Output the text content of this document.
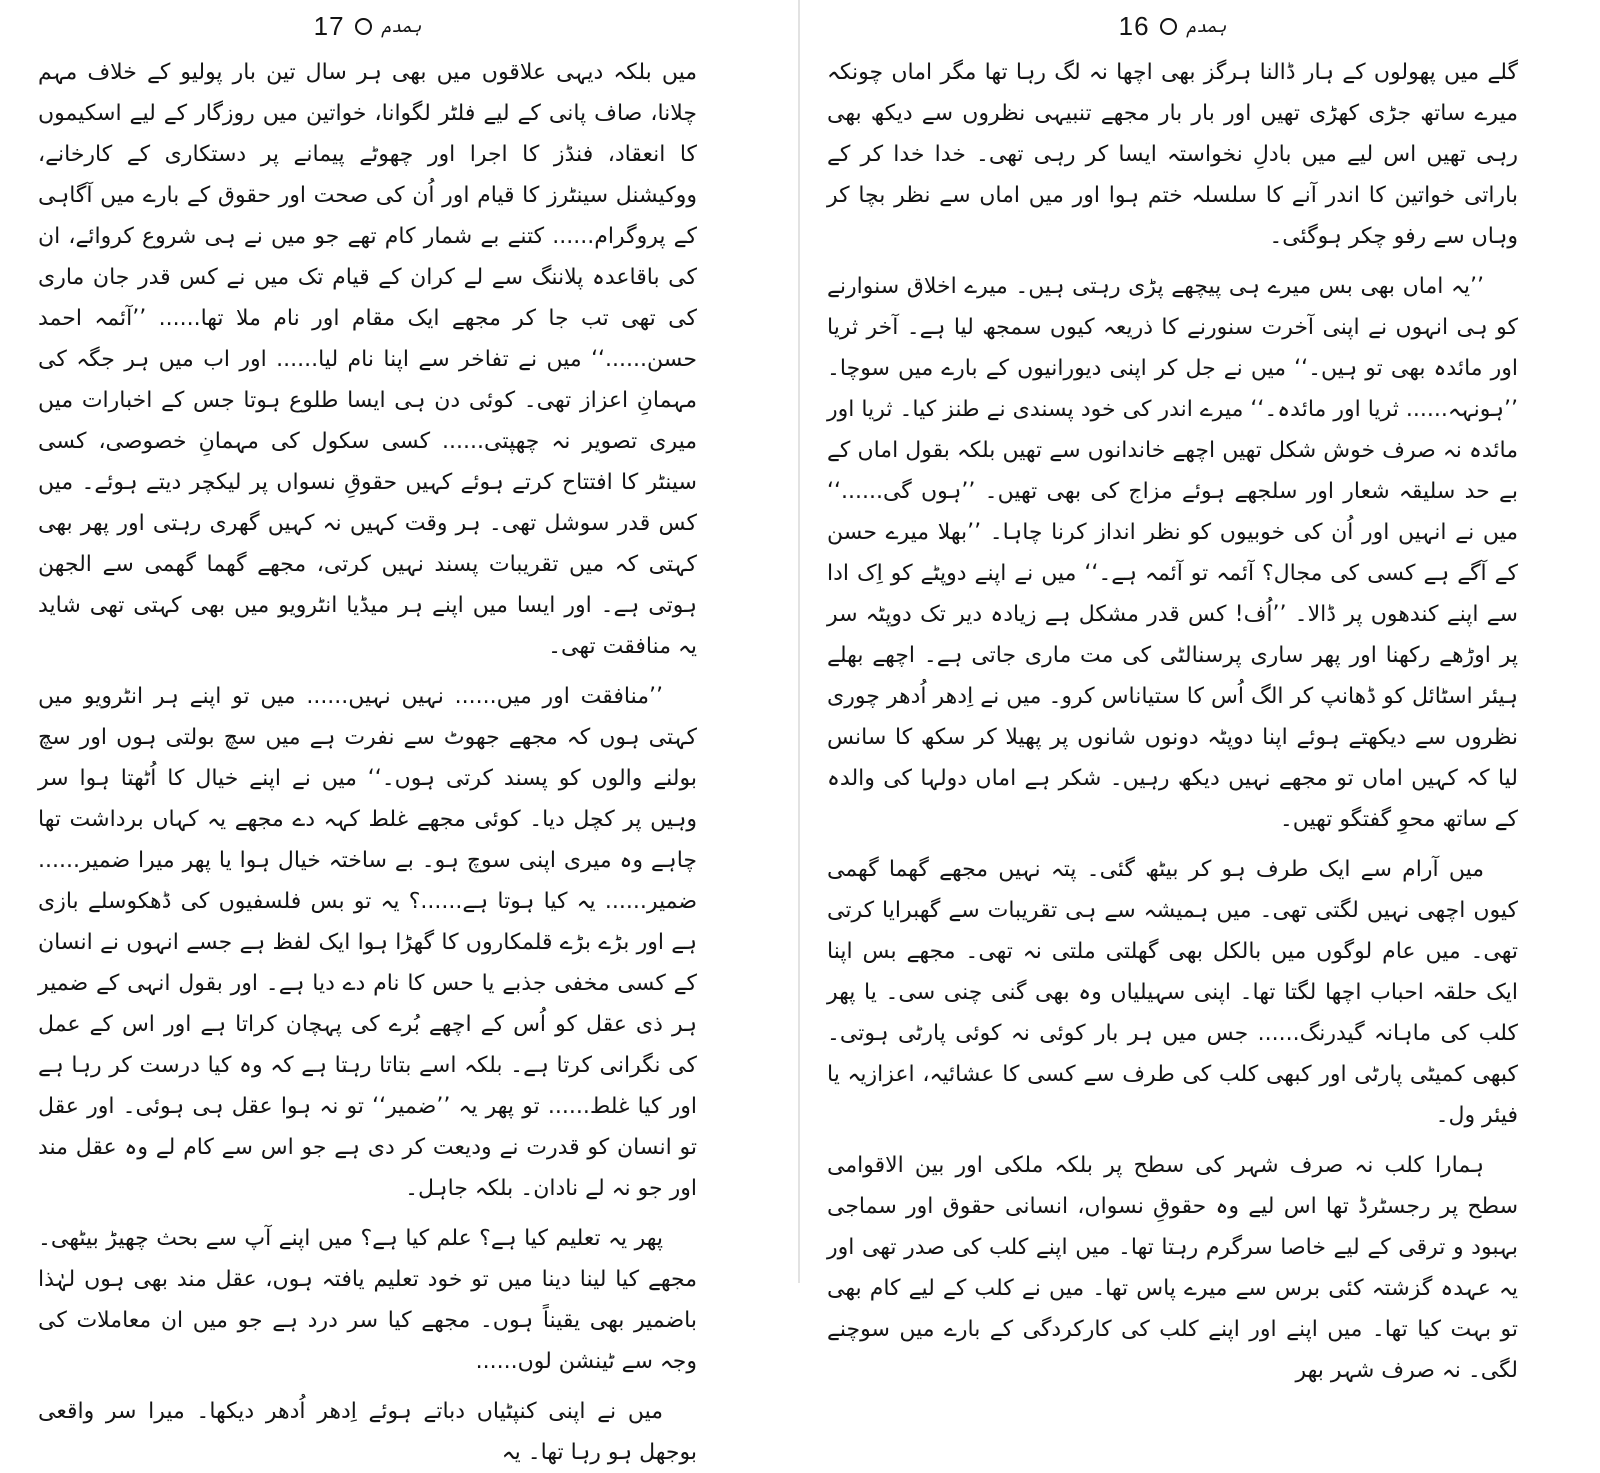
17 ہمدم

میں بلکہ دیہی علاقوں میں بھی ہر سال تین بار پولیو کے خلاف مہم چلانا، صاف پانی کے لیے فلٹر لگوانا، خواتین میں روزگار کے لیے اسکیموں کا انعقاد، فنڈز کا اجرا اور چھوٹے پیمانے پر دستکاری کے کارخانے، ووکیشنل سینٹرز کا قیام اور اُن کی صحت اور حقوق کے بارے میں آگاہی کے پروگرام...... کتنے بے شمار کام تھے جو میں نے ہی شروع کروائے، ان کی باقاعدہ پلاننگ سے لے کران کے قیام تک میں نے کس قدر جان ماری کی تھی تب جا کر مجھے ایک مقام اور نام ملا تھا...... ’’آئمہ احمد حسن......‘‘ میں نے تفاخر سے اپنا نام لیا...... اور اب میں ہر جگہ کی مہمانِ اعزاز تھی۔ کوئی دن ہی ایسا طلوع ہوتا جس کے اخبارات میں میری تصویر نہ چھپتی...... کسی سکول کی مہمانِ خصوصی، کسی سینٹر کا افتتاح کرتے ہوئے کہیں حقوقِ نسواں پر لیکچر دیتے ہوئے۔ میں کس قدر سوشل تھی۔ ہر وقت کہیں نہ کہیں گھری رہتی اور پھر بھی کہتی کہ میں تقریبات پسند نہیں کرتی، مجھے گھما گھمی سے الجھن ہوتی ہے۔ اور ایسا میں اپنے ہر میڈیا انٹرویو میں بھی کہتی تھی شاید یہ منافقت تھی۔

’’منافقت اور میں...... نہیں نہیں...... میں تو اپنے ہر انٹرویو میں کہتی ہوں کہ مجھے جھوٹ سے نفرت ہے میں سچ بولتی ہوں اور سچ بولنے والوں کو پسند کرتی ہوں۔‘‘ میں نے اپنے خیال کا اُٹھتا ہوا سر وہیں پر کچل دیا۔ کوئی مجھے غلط کہہ دے مجھے یہ کہاں برداشت تھا چاہے وہ میری اپنی سوچ ہو۔ بے ساختہ خیال ہوا یا پھر میرا ضمیر...... ضمیر...... یہ کیا ہوتا ہے......؟ یہ تو بس فلسفیوں کی ڈھکوسلے بازی ہے اور بڑے بڑے قلمکاروں کا گھڑا ہوا ایک لفظ ہے جسے انہوں نے انسان کے کسی مخفی جذبے یا حس کا نام دے دیا ہے۔ اور بقول انہی کے ضمیر ہر ذی عقل کو اُس کے اچھے بُرے کی پہچان کراتا ہے اور اس کے عمل کی نگرانی کرتا ہے۔ بلکہ اسے بتاتا رہتا ہے کہ وہ کیا درست کر رہا ہے اور کیا غلط...... تو پھر یہ ’’ضمیر‘‘ تو نہ ہوا عقل ہی ہوئی۔ اور عقل تو انسان کو قدرت نے ودیعت کر دی ہے جو اس سے کام لے وہ عقل مند اور جو نہ لے نادان۔ بلکہ جاہل۔

پھر یہ تعلیم کیا ہے؟ علم کیا ہے؟ میں اپنے آپ سے بحث چھیڑ بیٹھی۔ مجھے کیا لینا دینا میں تو خود تعلیم یافتہ ہوں، عقل مند بھی ہوں لہٰذا باضمیر بھی یقیناً ہوں۔ مجھے کیا سر درد ہے جو میں ان معاملات کی وجہ سے ٹینشن لوں......

میں نے اپنی کنپٹیاں دباتے ہوئے اِدھر اُدھر دیکھا۔ میرا سر واقعی بوجھل ہو رہا تھا۔ یہ

16 ہمدم

گلے میں پھولوں کے ہار ڈالنا ہرگز بھی اچھا نہ لگ رہا تھا مگر اماں چونکہ میرے ساتھ جڑی کھڑی تھیں اور بار بار مجھے تنبیہی نظروں سے دیکھ بھی رہی تھیں اس لیے میں بادلِ نخواستہ ایسا کر رہی تھی۔ خدا خدا کر کے باراتی خواتین کا اندر آنے کا سلسلہ ختم ہوا اور میں اماں سے نظر بچا کر وہاں سے رفو چکر ہوگئی۔

’’یہ اماں بھی بس میرے ہی پیچھے پڑی رہتی ہیں۔ میرے اخلاق سنوارنے کو ہی انہوں نے اپنی آخرت سنورنے کا ذریعہ کیوں سمجھ لیا ہے۔ آخر ثریا اور مائدہ بھی تو ہیں۔‘‘ میں نے جل کر اپنی دیورانیوں کے بارے میں سوچا۔ ’’ہونہہ...... ثریا اور مائدہ۔‘‘ میرے اندر کی خود پسندی نے طنز کیا۔ ثریا اور مائدہ نہ صرف خوش شکل تھیں اچھے خاندانوں سے تھیں بلکہ بقول اماں کے بے حد سلیقہ شعار اور سلجھے ہوئے مزاج کی بھی تھیں۔ ’’ہوں گی......‘‘ میں نے انہیں اور اُن کی خوبیوں کو نظر انداز کرنا چاہا۔ ’’بھلا میرے حسن کے آگے ہے کسی کی مجال؟ آئمہ تو آئمہ ہے۔‘‘ میں نے اپنے دوپٹے کو اِک ادا سے اپنے کندھوں پر ڈالا۔ ’’اُف! کس قدر مشکل ہے زیادہ دیر تک دوپٹہ سر پر اوڑھے رکھنا اور پھر ساری پرسنالٹی کی مت ماری جاتی ہے۔ اچھے بھلے ہیئر اسٹائل کو ڈھانپ کر الگ اُس کا ستیاناس کرو۔ میں نے اِدھر اُدھر چوری نظروں سے دیکھتے ہوئے اپنا دوپٹہ دونوں شانوں پر پھیلا کر سکھ کا سانس لیا کہ کہیں اماں تو مجھے نہیں دیکھ رہیں۔ شکر ہے اماں دولہا کی والدہ کے ساتھ محوِ گفتگو تھیں۔

میں آرام سے ایک طرف ہو کر بیٹھ گئی۔ پتہ نہیں مجھے گھما گھمی کیوں اچھی نہیں لگتی تھی۔ میں ہمیشہ سے ہی تقریبات سے گھبرایا کرتی تھی۔ میں عام لوگوں میں بالکل بھی گھلتی ملتی نہ تھی۔ مجھے بس اپنا ایک حلقہ احباب اچھا لگتا تھا۔ اپنی سہیلیاں وہ بھی گنی چنی سی۔ یا پھر کلب کی ماہانہ گیدرنگ...... جس میں ہر بار کوئی نہ کوئی پارٹی ہوتی۔ کبھی کمیٹی پارٹی اور کبھی کلب کی طرف سے کسی کا عشائیہ، اعزازیہ یا فیئر ول۔

ہمارا کلب نہ صرف شہر کی سطح پر بلکہ ملکی اور بین الاقوامی سطح پر رجسٹرڈ تھا اس لیے وہ حقوقِ نسواں، انسانی حقوق اور سماجی بہبود و ترقی کے لیے خاصا سرگرم رہتا تھا۔ میں اپنے کلب کی صدر تھی اور یہ عہدہ گزشتہ کئی برس سے میرے پاس تھا۔ میں نے کلب کے لیے کام بھی تو بہت کیا تھا۔ میں اپنے اور اپنے کلب کی کارکردگی کے بارے میں سوچنے لگی۔ نہ صرف شہر بھر
